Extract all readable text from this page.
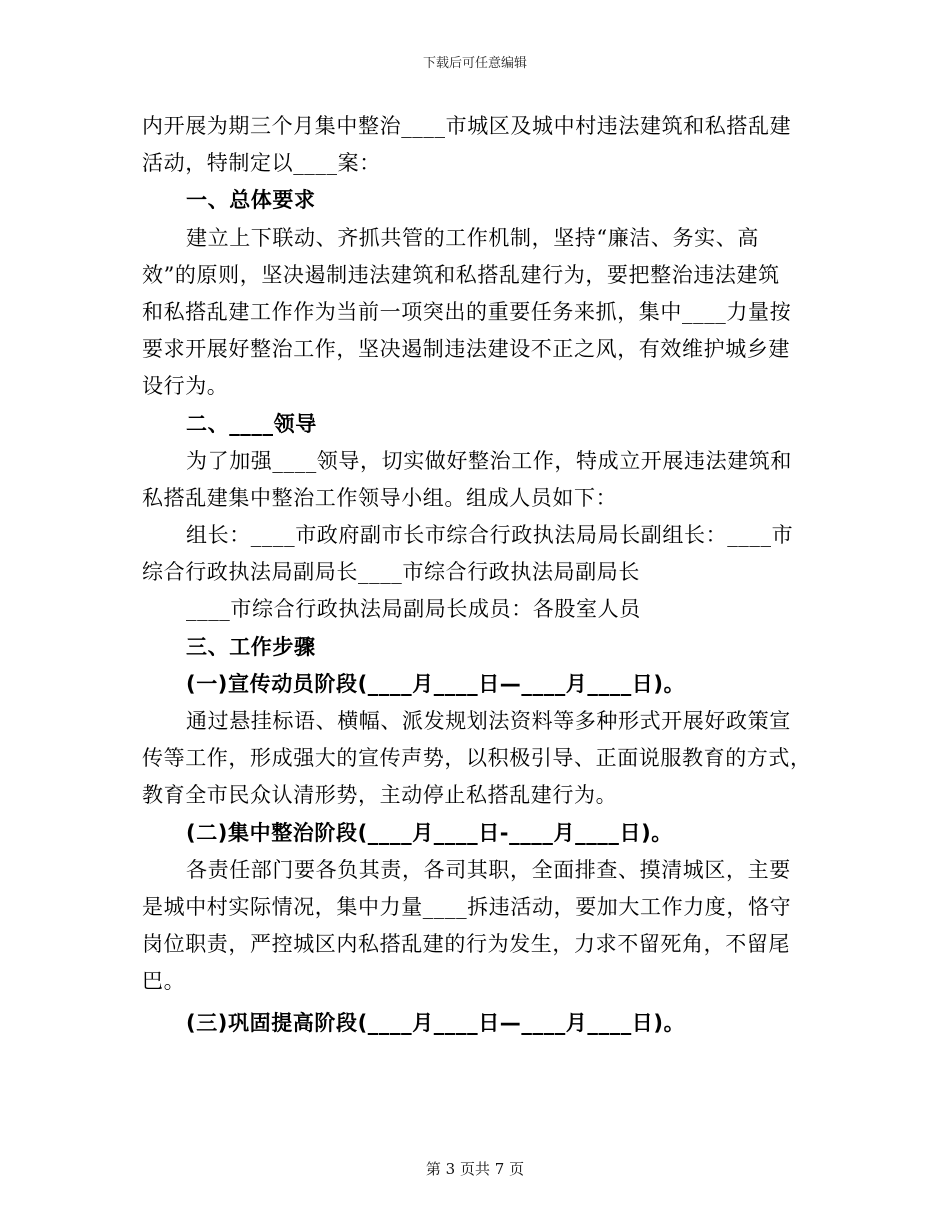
下载后可任意编辑
内开展为期三个月集中整治____市城区及城中村违法建筑和私搭乱建
活动，特制定以____案：
一、总体要求
建立上下联动、齐抓共管的工作机制，坚持“廉洁、务实、高
效”的原则，坚决遏制违法建筑和私搭乱建行为，要把整治违法建筑
和私搭乱建工作作为当前一项突出的重要任务来抓，集中____力量按
要求开展好整治工作，坚决遏制违法建设不正之风，有效维护城乡建
设行为。
二、____领导
为了加强____领导，切实做好整治工作，特成立开展违法建筑和
私搭乱建集中整治工作领导小组。组成人员如下：
组长：____市政府副市长市综合行政执法局局长副组长：____市
综合行政执法局副局长____市综合行政执法局副局长
____市综合行政执法局副局长成员：各股室人员
三、工作步骤
(一)宣传动员阶段(____月____日—____月____日)。
通过悬挂标语、横幅、派发规划法资料等多种形式开展好政策宣
传等工作，形成强大的宣传声势，以积极引导、正面说服教育的方式，
教育全市民众认清形势，主动停止私搭乱建行为。
(二)集中整治阶段(____月____日-____月____日)。
各责任部门要各负其责，各司其职，全面排查、摸清城区，主要
是城中村实际情况，集中力量____拆违活动，要加大工作力度，恪守
岗位职责，严控城区内私搭乱建的行为发生，力求不留死角，不留尾
巴。
(三)巩固提高阶段(____月____日—____月____日)。
第 3 页共 7 页
